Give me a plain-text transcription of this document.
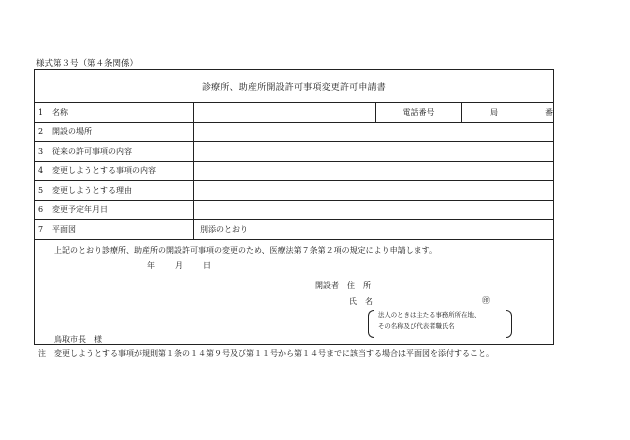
様式第３号（第４条関係）
診療所、助産所開設許可事項変更許可申請書
1 名称	電話番号	局	番
2 開設の場所
3 従来の許可事項の内容
4 変更しようとする事項の内容
5 変更しようとする理由
6 変更予定年月日
7 平面図	別添のとおり
上記のとおり診療所、助産所の開設許可事項の変更のため、医療法第７条第２項の規定により申請します。
年	月	日
開設者　住　所
氏　名	㊞
法人のときは主たる事務所所在地、
その名称及び代表者職氏名
鳥取市長　様
注　変更しようとする事項が規則第１条の１４第９号及び第１１号から第１４号までに該当する場合は平面図を添付すること。
